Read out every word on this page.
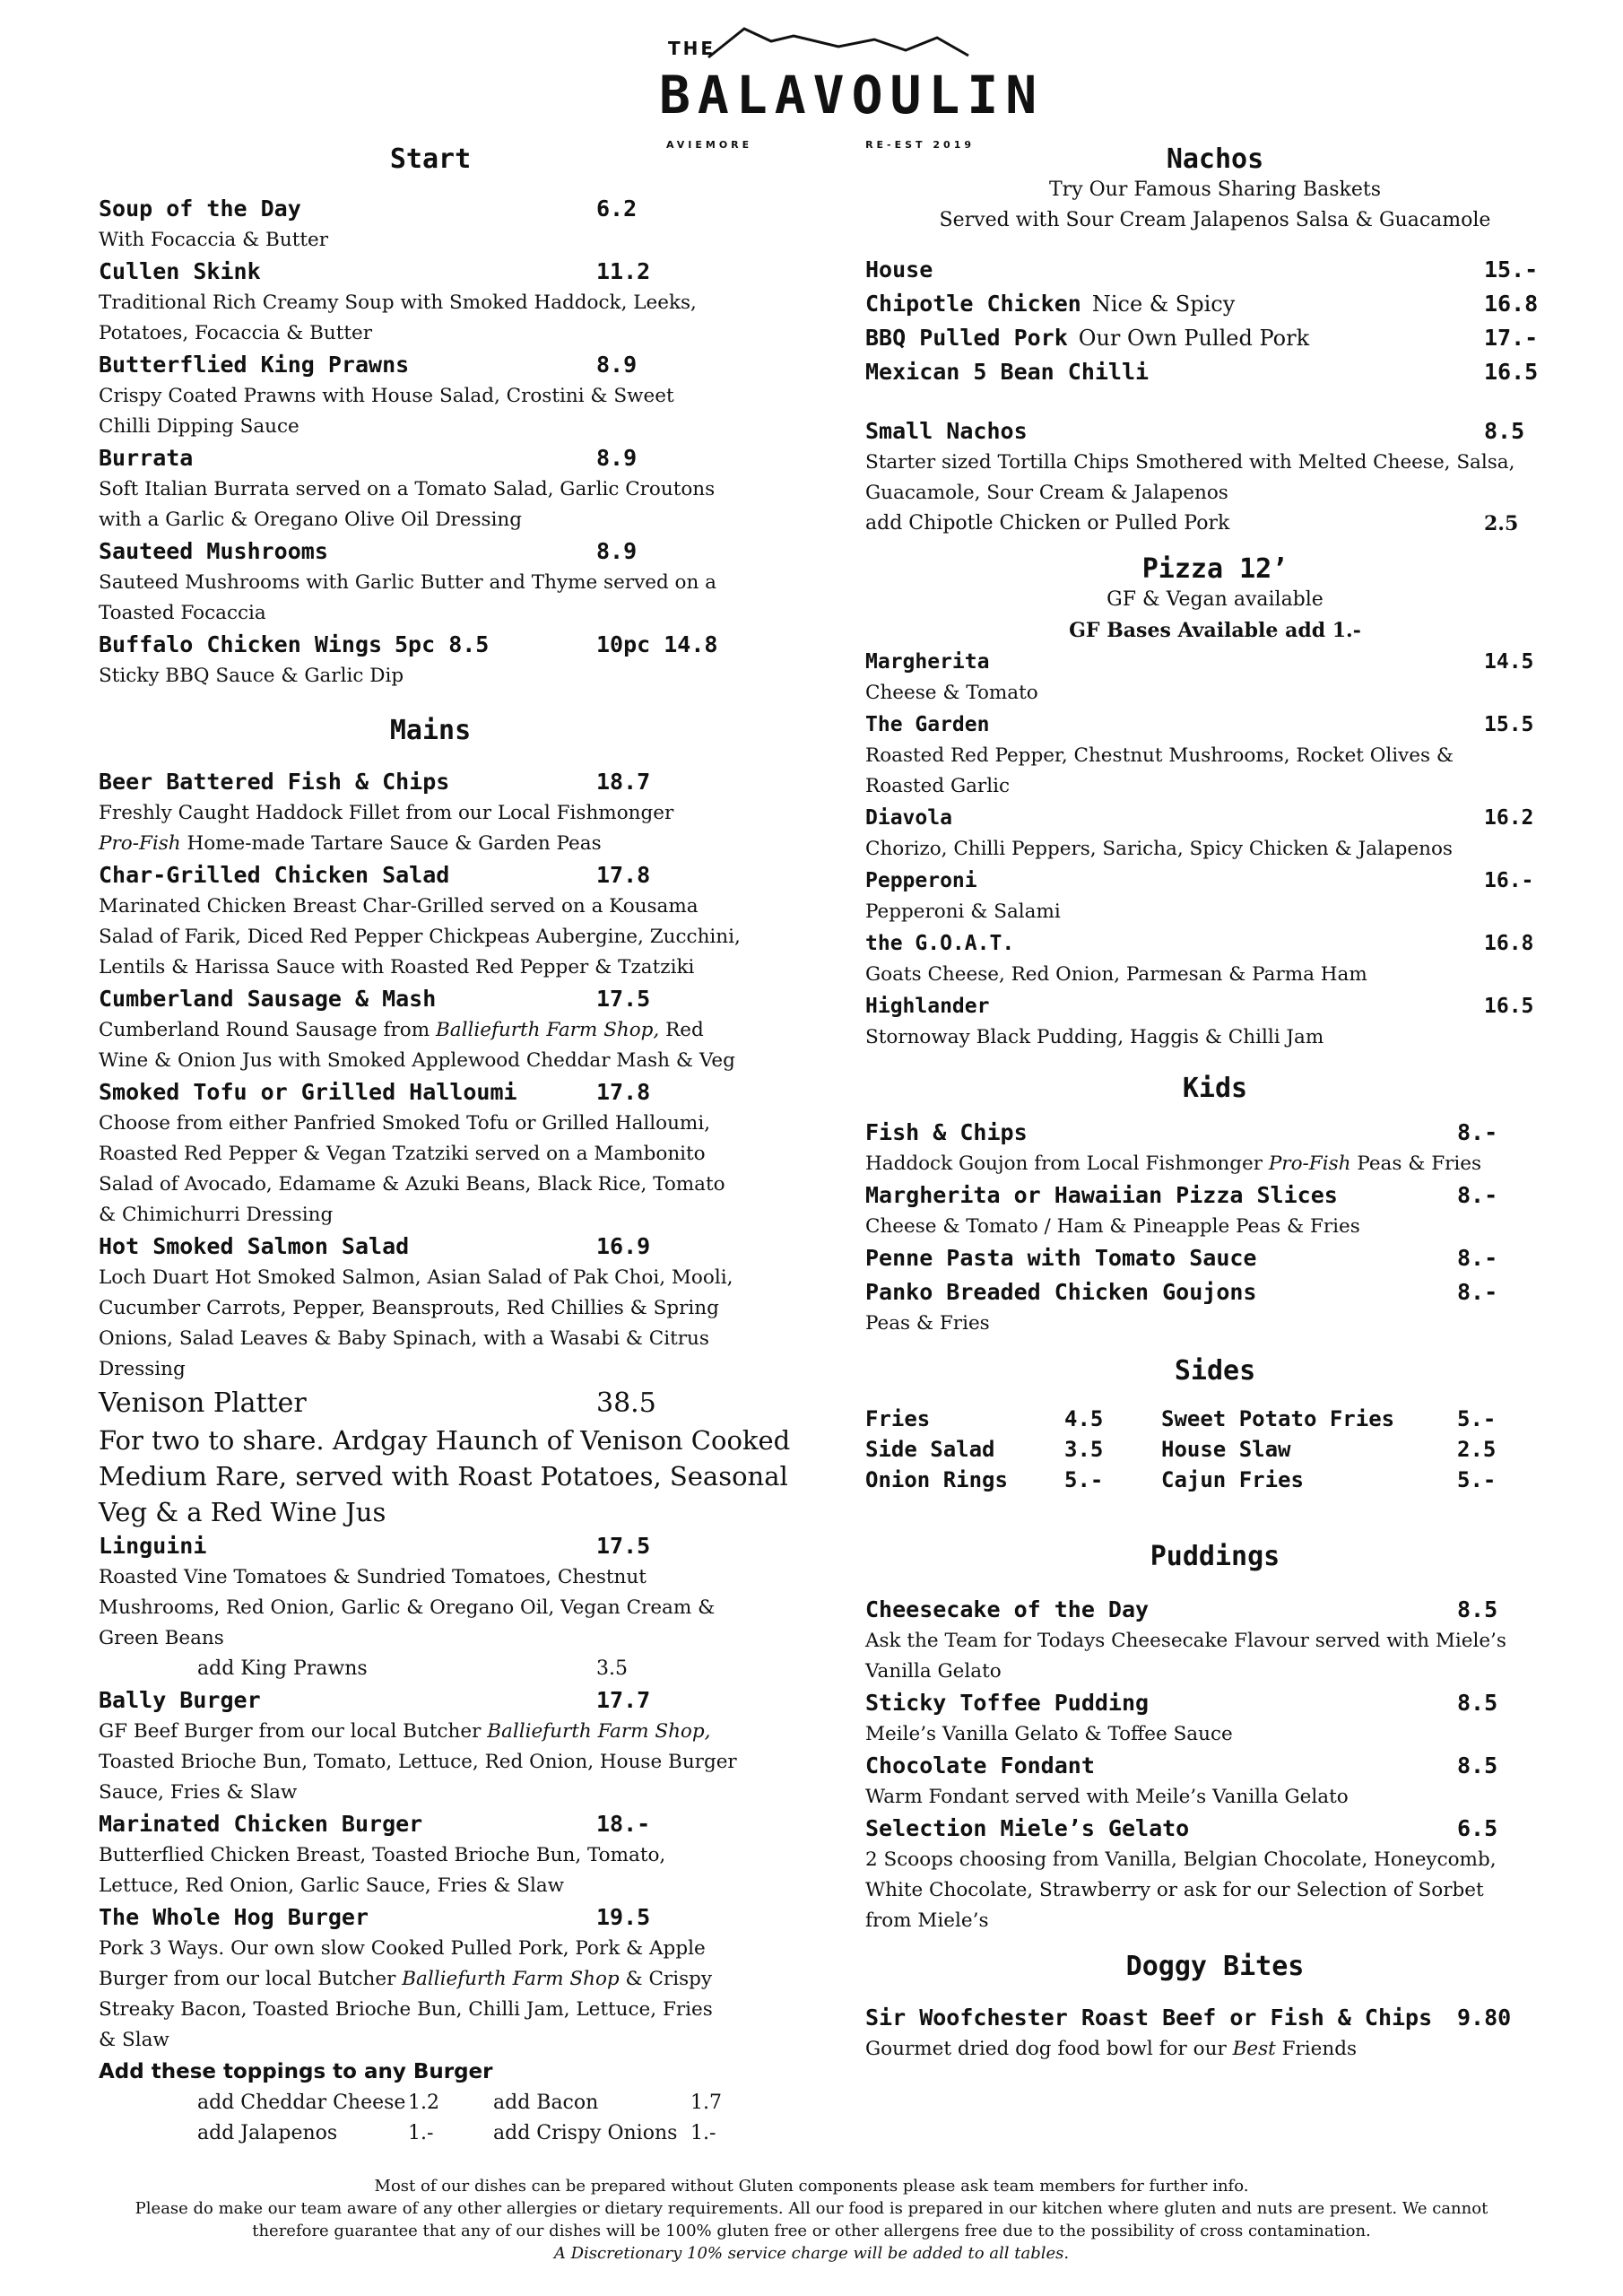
THE
BALAVOULIN
AVIEMORE	RE-EST 2019
Start
Soup of the Day	6.2
With Focaccia & Butter
Cullen Skink	11.2
Traditional Rich Creamy Soup with Smoked Haddock, Leeks,
Potatoes, Focaccia & Butter
Butterflied King Prawns	8.9
Crispy Coated Prawns with House Salad, Crostini & Sweet
Chilli Dipping Sauce
Burrata	8.9
Soft Italian Burrata served on a Tomato Salad, Garlic Croutons
with a Garlic & Oregano Olive Oil Dressing
Sauteed Mushrooms	8.9
Sauteed Mushrooms with Garlic Butter and Thyme served on a
Toasted Focaccia
Buffalo Chicken Wings 5pc 8.5	10pc 14.8
Sticky BBQ Sauce & Garlic Dip
Mains
Beer Battered Fish & Chips	18.7
Freshly Caught Haddock Fillet from our Local Fishmonger
Pro-Fish Home-made Tartare Sauce & Garden Peas
Char-Grilled Chicken Salad	17.8
Marinated Chicken Breast Char-Grilled served on a Kousama
Salad of Farik, Diced Red Pepper Chickpeas Aubergine, Zucchini,
Lentils & Harissa Sauce with Roasted Red Pepper & Tzatziki
Cumberland Sausage & Mash	17.5
Cumberland Round Sausage from Balliefurth Farm Shop, Red
Wine & Onion Jus with Smoked Applewood Cheddar Mash & Veg
Smoked Tofu or Grilled Halloumi	17.8
Choose from either Panfried Smoked Tofu or Grilled Halloumi,
Roasted Red Pepper & Vegan Tzatziki served on a Mambonito
Salad of Avocado, Edamame & Azuki Beans, Black Rice, Tomato
& Chimichurri Dressing
Hot Smoked Salmon Salad	16.9
Loch Duart Hot Smoked Salmon, Asian Salad of Pak Choi, Mooli,
Cucumber Carrots, Pepper, Beansprouts, Red Chillies & Spring
Onions, Salad Leaves & Baby Spinach, with a Wasabi & Citrus
Dressing
Venison Platter	38.5
For two to share. Ardgay Haunch of Venison Cooked
Medium Rare, served with Roast Potatoes, Seasonal
Veg & a Red Wine Jus
Linguini	17.5
Roasted Vine Tomatoes & Sundried Tomatoes, Chestnut
Mushrooms, Red Onion, Garlic & Oregano Oil, Vegan Cream &
Green Beans
add King Prawns	3.5
Bally Burger	17.7
GF Beef Burger from our local Butcher Balliefurth Farm Shop,
Toasted Brioche Bun, Tomato, Lettuce, Red Onion, House Burger
Sauce, Fries & Slaw
Marinated Chicken Burger	18.-
Butterflied Chicken Breast, Toasted Brioche Bun, Tomato,
Lettuce, Red Onion, Garlic Sauce, Fries & Slaw
The Whole Hog Burger	19.5
Pork 3 Ways. Our own slow Cooked Pulled Pork, Pork & Apple
Burger from our local Butcher Balliefurth Farm Shop & Crispy
Streaky Bacon, Toasted Brioche Bun, Chilli Jam, Lettuce, Fries
& Slaw
Add these toppings to any Burger
add Cheddar Cheese 1.2	add Bacon	1.7
add Jalapenos	1.-	add Crispy Onions 1.-
Nachos
Try Our Famous Sharing Baskets
Served with Sour Cream Jalapenos Salsa & Guacamole
House	15.-
Chipotle Chicken Nice & Spicy	16.8
BBQ Pulled Pork Our Own Pulled Pork	17.-
Mexican 5 Bean Chilli	16.5
Small Nachos	8.5
Starter sized Tortilla Chips Smothered with Melted Cheese, Salsa,
Guacamole, Sour Cream & Jalapenos
add Chipotle Chicken or Pulled Pork	2.5
Pizza 12’
GF & Vegan available
GF Bases Available add 1.-
Margherita	14.5
Cheese & Tomato
The Garden	15.5
Roasted Red Pepper, Chestnut Mushrooms, Rocket Olives &
Roasted Garlic
Diavola	16.2
Chorizo, Chilli Peppers, Saricha, Spicy Chicken & Jalapenos
Pepperoni	16.-
Pepperoni & Salami
the G.O.A.T.	16.8
Goats Cheese, Red Onion, Parmesan & Parma Ham
Highlander	16.5
Stornoway Black Pudding, Haggis & Chilli Jam
Kids
Fish & Chips	8.-
Haddock Goujon from Local Fishmonger Pro-Fish Peas & Fries
Margherita or Hawaiian Pizza Slices	8.-
Cheese & Tomato / Ham & Pineapple Peas & Fries
Penne Pasta with Tomato Sauce	8.-
Panko Breaded Chicken Goujons	8.-
Peas & Fries
Sides
Fries	4.5
Side Salad	3.5
Onion Rings	5.-
Sweet Potato Fries	5.-
House Slaw	2.5
Cajun Fries	5.-
Puddings
Cheesecake of the Day	8.5
Ask the Team for Todays Cheesecake Flavour served with Miele’s
Vanilla Gelato
Sticky Toffee Pudding	8.5
Meile’s Vanilla Gelato & Toffee Sauce
Chocolate Fondant	8.5
Warm Fondant served with Meile’s Vanilla Gelato
Selection Miele’s Gelato	6.5
2 Scoops choosing from Vanilla, Belgian Chocolate, Honeycomb,
White Chocolate, Strawberry or ask for our Selection of Sorbet
from Miele’s
Doggy Bites
Sir Woofchester Roast Beef or Fish & Chips 9.80
Gourmet dried dog food bowl for our Best Friends
Most of our dishes can be prepared without Gluten components please ask team members for further info.
Please do make our team aware of any other allergies or dietary requirements. All our food is prepared in our kitchen where gluten and nuts are present. We cannot
therefore guarantee that any of our dishes will be 100% gluten free or other allergens free due to the possibility of cross contamination.
A Discretionary 10% service charge will be added to all tables.
